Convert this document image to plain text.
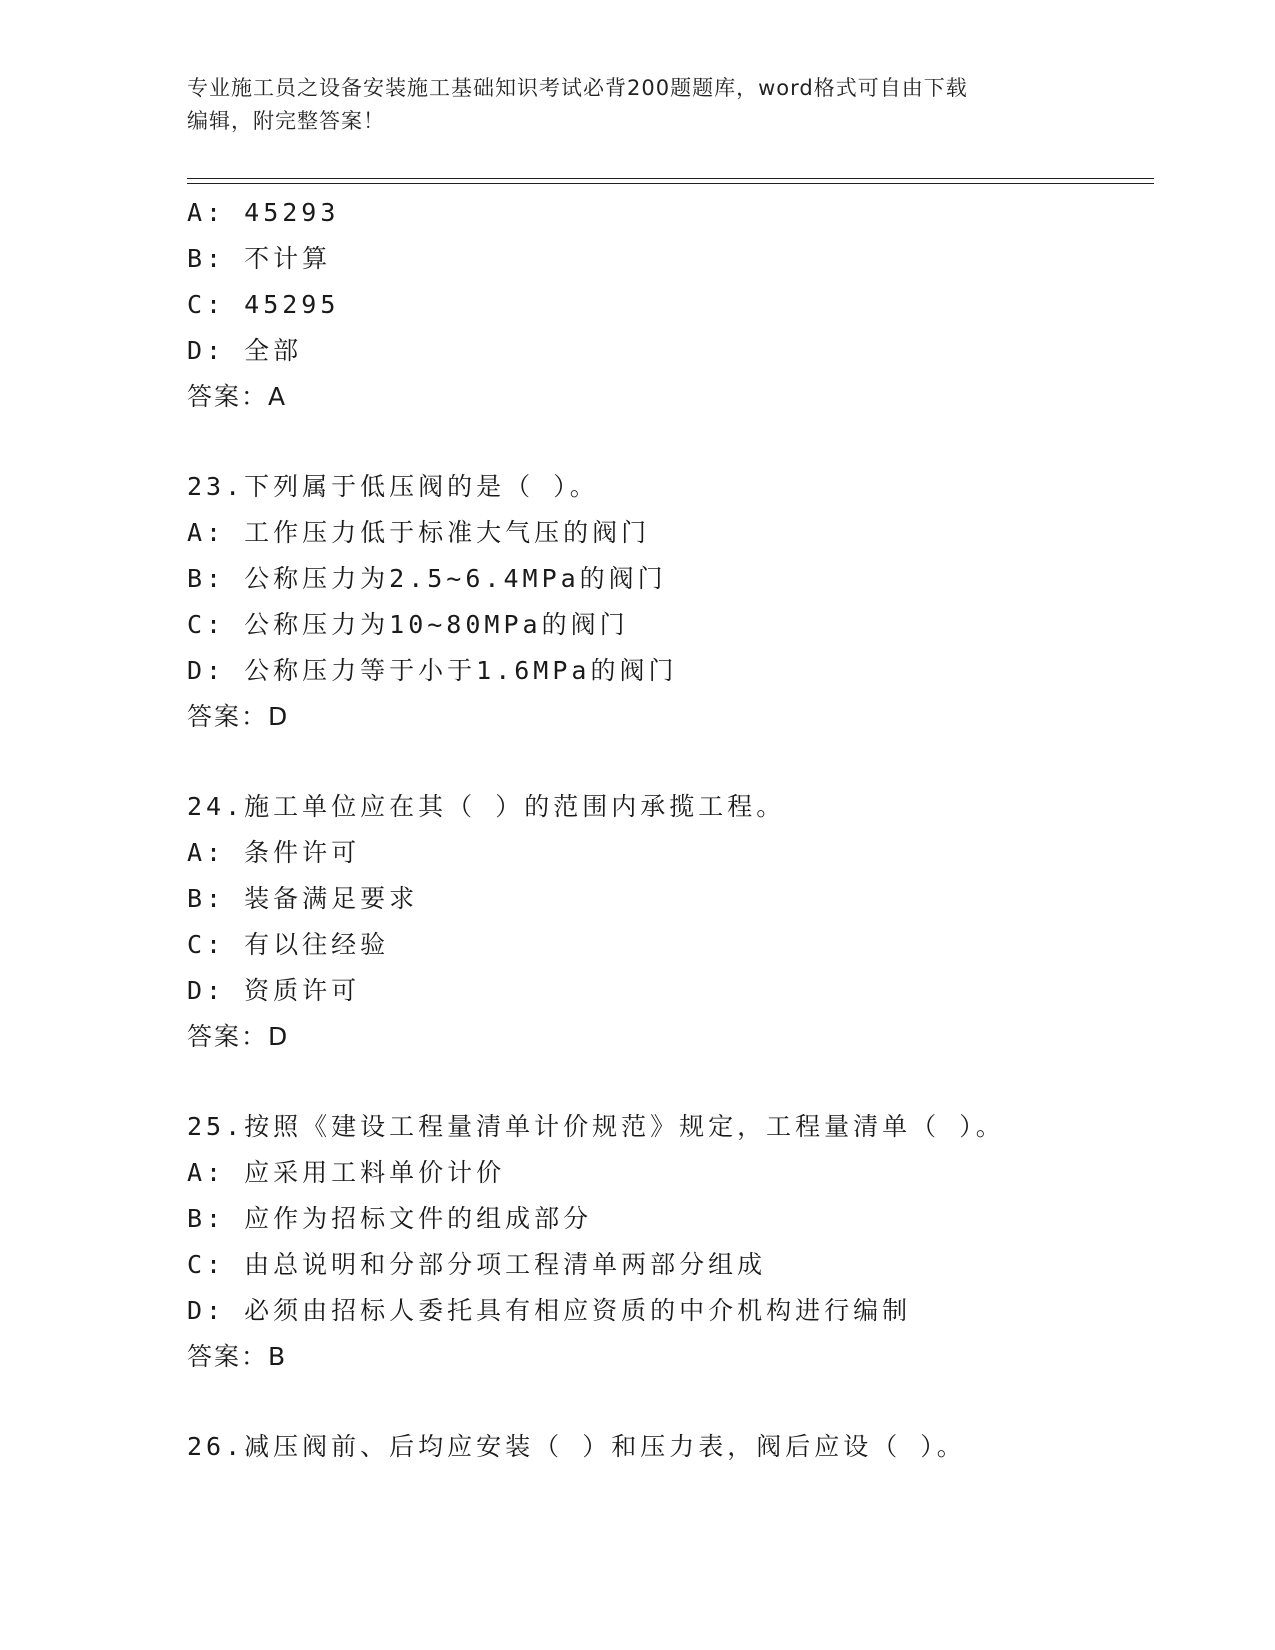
专业施工员之设备安装施工基础知识考试必背200题题库，word格式可自由下载
编辑，附完整答案！
A: 45293
B: 不计算
C: 45295
D: 全部
答案：A
23.下列属于低压阀的是（ ）。
A: 工作压力低于标准大气压的阀门
B: 公称压力为2.5~6.4MPa的阀门
C: 公称压力为10~80MPa的阀门
D: 公称压力等于小于1.6MPa的阀门
答案：D
24.施工单位应在其（ ）的范围内承揽工程。
A: 条件许可
B: 装备满足要求
C: 有以往经验
D: 资质许可
答案：D
25.按照《建设工程量清单计价规范》规定，工程量清单（ ）。
A: 应采用工料单价计价
B: 应作为招标文件的组成部分
C: 由总说明和分部分项工程清单两部分组成
D: 必须由招标人委托具有相应资质的中介机构进行编制
答案：B
26.减压阀前、后均应安装（ ）和压力表，阀后应设（ ）。
